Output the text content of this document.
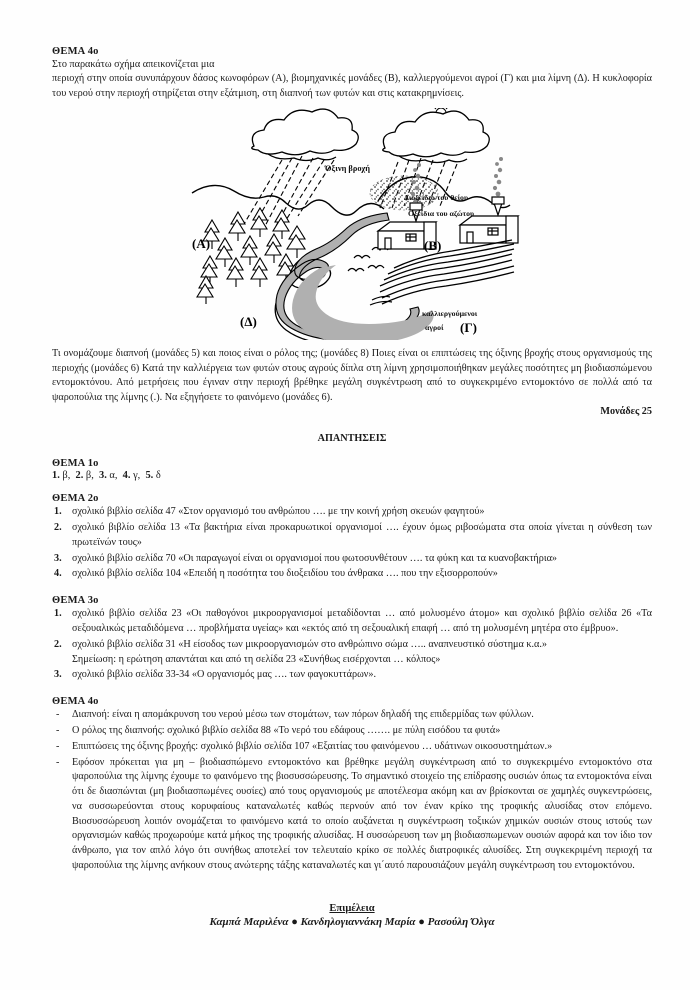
ΘΕΜΑ 4ο
Στο παρακάτω σχήμα απεικονίζεται μια
περιοχή στην οποία συνυπάρχουν δάσος κωνοφόρων (Α), βιομηχανικές μονάδες (Β), καλλιεργούμενοι αγροί (Γ) και μια λίμνη (Δ). Η κυκλοφορία του νερού στην περιοχή στηρίζεται στην εξάτμιση, στη διαπνοή των φυτών και στις κατακρημνίσεις.
Όξινη βροχή
Διοξείδιο του θείου
Οξείδια του αζώτου
(Α)	(Β)
(Δ)
καλλιεργούμενοι
αγροί (Γ)
Τι ονομάζουμε διαπνοή (μονάδες 5) και ποιος είναι ο ρόλος της; (μονάδες 8) Ποιες είναι οι επιπτώσεις της όξινης βροχής στους οργανισμούς της περιοχής (μονάδες 6) Κατά την καλλιέργεια των φυτών στους αγρούς δίπλα στη λίμνη χρησιμοποιήθηκαν μεγάλες ποσότητες μη βιοδιασπώμενου εντομοκτόνου. Από μετρήσεις που έγιναν στην περιοχή βρέθηκε μεγάλη συγκέντρωση από το συγκεκριμένο εντομοκτόνο σε πολλά από τα ψαροπούλια της λίμνης (.). Να εξηγήσετε το φαινόμενο (μονάδες 6).
Μονάδες 25
ΑΠΑΝΤΗΣΕΙΣ
ΘΕΜΑ 1ο
1. β, 2. β, 3. α, 4. γ, 5. δ
ΘΕΜΑ 2ο
1. σχολικό βιβλίο σελίδα 47 «Στον οργανισμό του ανθρώπου …. με την κοινή χρήση σκευών φαγητού»
2. σχολικό βιβλίο σελίδα 13 «Τα βακτήρια είναι προκαρυωτικοί οργανισμοί …. έχουν όμως ριβοσώματα στα οποία γίνεται η σύνθεση των πρωτεϊνών τους»
3. σχολικό βιβλίο σελίδα 70 «Οι παραγωγοί είναι οι οργανισμοί που φωτοσυνθέτουν …. τα φύκη και τα κυανοβακτήρια»
4. σχολικό βιβλίο σελίδα 104 «Επειδή η ποσότητα του διοξειδίου του άνθρακα …. που την εξισορροπούν»
ΘΕΜΑ 3ο
1. σχολικό βιβλίο σελίδα 23 «Οι παθογόνοι μικροοργανισμοί μεταδίδονται … από μολυσμένο άτομο» και σχολικό βιβλίο σελίδα 26 «Τα σεξουαλικώς μεταδιδόμενα … προβλήματα υγείας» και «εκτός από τη σεξουαλική επαφή … από τη μολυσμένη μητέρα στο έμβρυο».
2. σχολικό βιβλίο σελίδα 31 «Η είσοδος των μικροοργανισμών στο ανθρώπινο σώμα ….. αναπνευστικό σύστημα κ.α.»
Σημείωση: η ερώτηση απαντάται και από τη σελίδα 23 «Συνήθως εισέρχονται … κόλπος»
3. σχολικό βιβλίο σελίδα 33-34 «Ο οργανισμός μας …. των φαγοκυττάρων».
ΘΕΜΑ 4ο
- Διαπνοή: είναι η απομάκρυνση του νερού μέσω των στομάτων, των πόρων δηλαδή της επιδερμίδας των φύλλων.
- Ο ρόλος της διαπνοής: σχολικό βιβλίο σελίδα 88 «Το νερό του εδάφους ……. με πύλη εισόδου τα φυτά»
- Επιπτώσεις της όξινης βροχής: σχολικό βιβλίο σελίδα 107 «Εξαιτίας του φαινόμενου … υδάτινων οικοσυστημάτων.»
- Εφόσον πρόκειται για μη – βιοδιασπώμενο εντομοκτόνο και βρέθηκε μεγάλη συγκέντρωση από το συγκεκριμένο εντομοκτόνο στα ψαροπούλια της λίμνης έχουμε το φαινόμενο της βιοσυσσώρευσης. Το σημαντικό στοιχείο της επίδρασης ουσιών όπως τα εντομοκτόνα είναι ότι δε διασπώνται (μη βιοδιασπωμένες ουσίες) από τους οργανισμούς με αποτέλεσμα ακόμη και αν βρίσκονται σε χαμηλές συγκεντρώσεις, να συσσωρεύονται στους κορυφαίους καταναλωτές καθώς περνούν από τον έναν κρίκο της τροφικής αλυσίδας στον επόμενο. Βιοσυσσώρευση λοιπόν ονομάζεται το φαινόμενο κατά το οποίο αυξάνεται η συγκέντρωση τοξικών χημικών ουσιών στους ιστούς των οργανισμών καθώς προχωρούμε κατά μήκος της τροφικής αλυσίδας. Η συσσώρευση των μη βιοδιασπωμενων ουσιών αφορά και τον ίδιο τον άνθρωπο, για τον απλό λόγο ότι συνήθως αποτελεί τον τελευταίο κρίκο σε πολλές διατροφικές αλυσίδες. Στη συγκεκριμένη περιοχή τα ψαροπούλια της λίμνης ανήκουν στους ανώτερης τάξης καταναλωτές και γι΄αυτό παρουσιάζουν μεγάλη συγκέντρωση του εντομοκτόνου.
Επιμέλεια
Καμπά Μαριλένα ● Κανδηλογιαννάκη Μαρία ● Ρασούλη Όλγα
